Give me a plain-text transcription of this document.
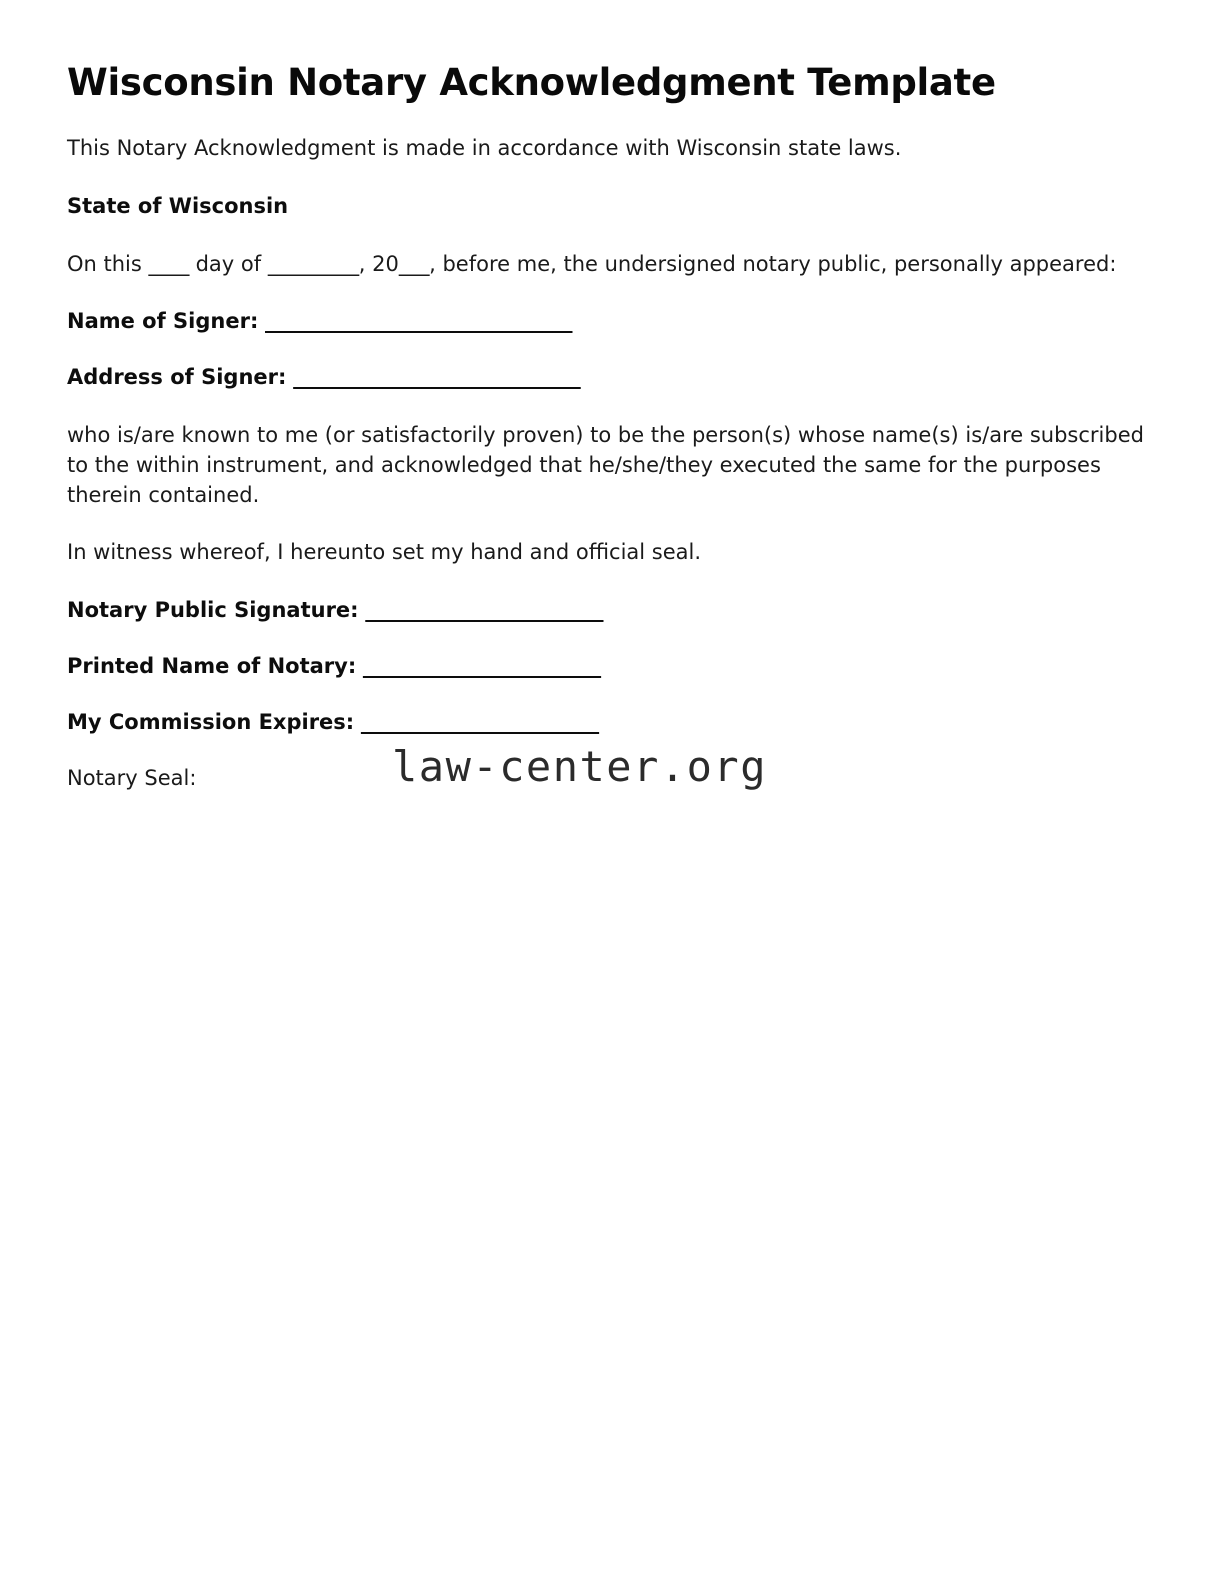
Wisconsin Notary Acknowledgment Template

This Notary Acknowledgment is made in accordance with Wisconsin state laws.

State of Wisconsin

On this ____ day of _________, 20___, before me, the undersigned notary public, personally appeared:

Name of Signer: _______________________________

Address of Signer: _____________________________

who is/are known to me (or satisfactorily proven) to be the person(s) whose name(s) is/are subscribed to the within instrument, and acknowledged that he/she/they executed the same for the purposes therein contained.

In witness whereof, I hereunto set my hand and official seal.

Notary Public Signature: ________________________

Printed Name of Notary: ________________________

My Commission Expires: ________________________

Notary Seal:	law-center.org
